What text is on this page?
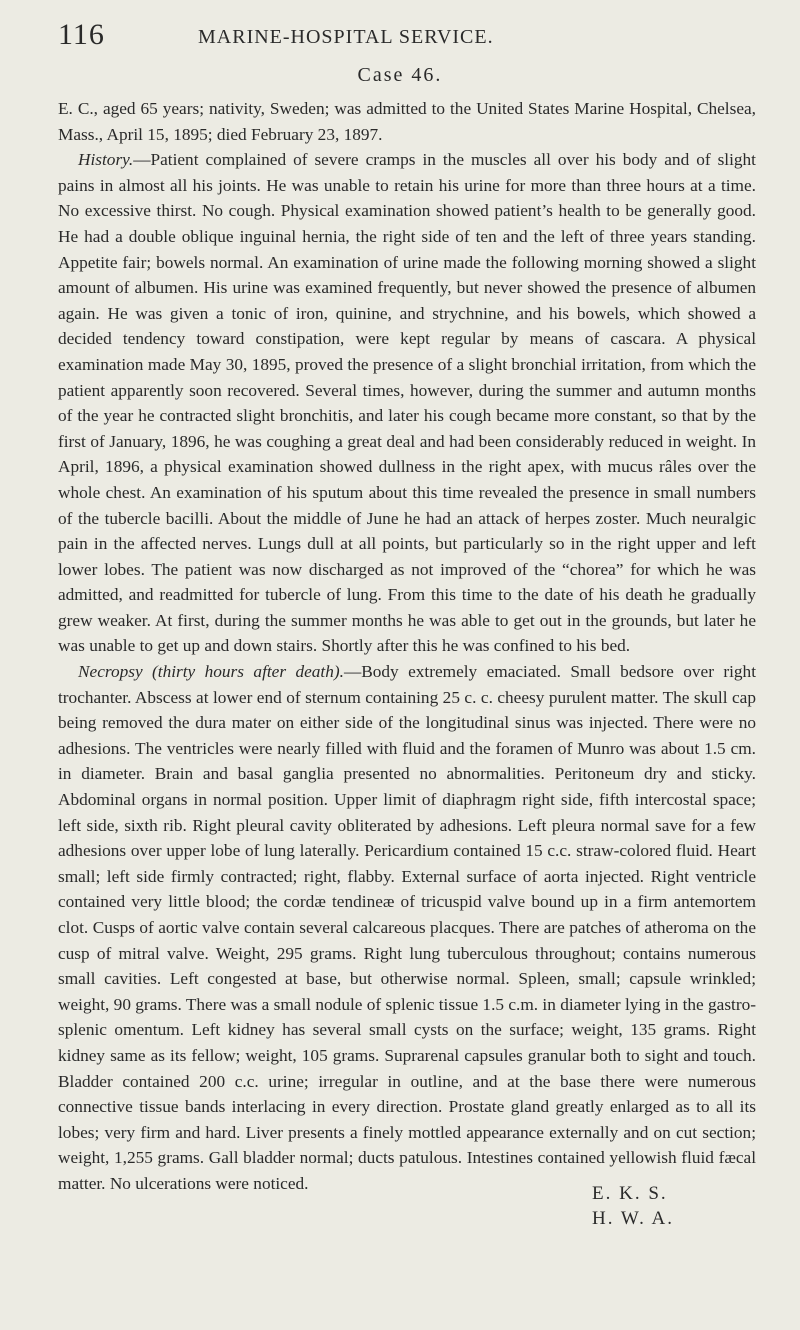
116	MARINE-HOSPITAL SERVICE.
Case 46.

E. C., aged 65 years; nativity, Sweden; was admitted to the United States Marine Hospital, Chelsea, Mass., April 15, 1895; died February 23, 1897.

History.—Patient complained of severe cramps in the muscles all over his body and of slight pains in almost all his joints. He was unable to retain his urine for more than three hours at a time. No excessive thirst. No cough. Physical examination showed patient’s health to be generally good. He had a double oblique inguinal hernia, the right side of ten and the left of three years standing. Appetite fair; bowels normal. An examination of urine made the following morning showed a slight amount of albumen. His urine was examined frequently, but never showed the presence of albumen again. He was given a tonic of iron, quinine, and strychnine, and his bowels, which showed a decided tendency toward constipation, were kept regular by means of cascara. A physical examination made May 30, 1895, proved the presence of a slight bronchial irritation, from which the patient apparently soon recovered. Several times, however, during the summer and autumn months of the year he contracted slight bronchitis, and later his cough became more constant, so that by the first of January, 1896, he was coughing a great deal and had been considerably reduced in weight. In April, 1896, a physical examination showed dullness in the right apex, with mucus râles over the whole chest. An examination of his sputum about this time revealed the presence in small numbers of the tubercle bacilli. About the middle of June he had an attack of herpes zoster. Much neuralgic pain in the affected nerves. Lungs dull at all points, but particularly so in the right upper and left lower lobes. The patient was now discharged as not improved of the “chorea” for which he was admitted, and readmitted for tubercle of lung. From this time to the date of his death he gradually grew weaker. At first, during the summer months he was able to get out in the grounds, but later he was unable to get up and down stairs. Shortly after this he was confined to his bed.

Necropsy (thirty hours after death).—Body extremely emaciated. Small bedsore over right trochanter. Abscess at lower end of sternum containing 25 c. c. cheesy purulent matter. The skull cap being removed the dura mater on either side of the longitudinal sinus was injected. There were no adhesions. The ventricles were nearly filled with fluid and the foramen of Munro was about 1.5 cm. in diameter. Brain and basal ganglia presented no abnormalities. Peritoneum dry and sticky. Abdominal organs in normal position. Upper limit of diaphragm right side, fifth intercostal space; left side, sixth rib. Right pleural cavity obliterated by adhesions. Left pleura normal save for a few adhesions over upper lobe of lung laterally. Pericardium contained 15 c.c. straw-colored fluid. Heart small; left side firmly contracted; right, flabby. External surface of aorta injected. Right ventricle contained very little blood; the cordæ tendineæ of tricuspid valve bound up in a firm antemortem clot. Cusps of aortic valve contain several calcareous placques. There are patches of atheroma on the cusp of mitral valve. Weight, 295 grams. Right lung tuberculous throughout; contains numerous small cavities. Left congested at base, but otherwise normal. Spleen, small; capsule wrinkled; weight, 90 grams. There was a small nodule of splenic tissue 1.5 c.m. in diameter lying in the gastro-splenic omentum. Left kidney has several small cysts on the surface; weight, 135 grams. Right kidney same as its fellow; weight, 105 grams. Suprarenal capsules granular both to sight and touch. Bladder contained 200 c.c. urine; irregular in outline, and at the base there were numerous connective tissue bands interlacing in every direction. Prostate gland greatly enlarged as to all its lobes; very firm and hard. Liver presents a finely mottled appearance externally and on cut section; weight, 1,255 grams. Gall bladder normal; ducts patulous. Intestines contained yellowish fluid fæcal matter. No ulcerations were noticed.	E. K. S.
H. W. A.
